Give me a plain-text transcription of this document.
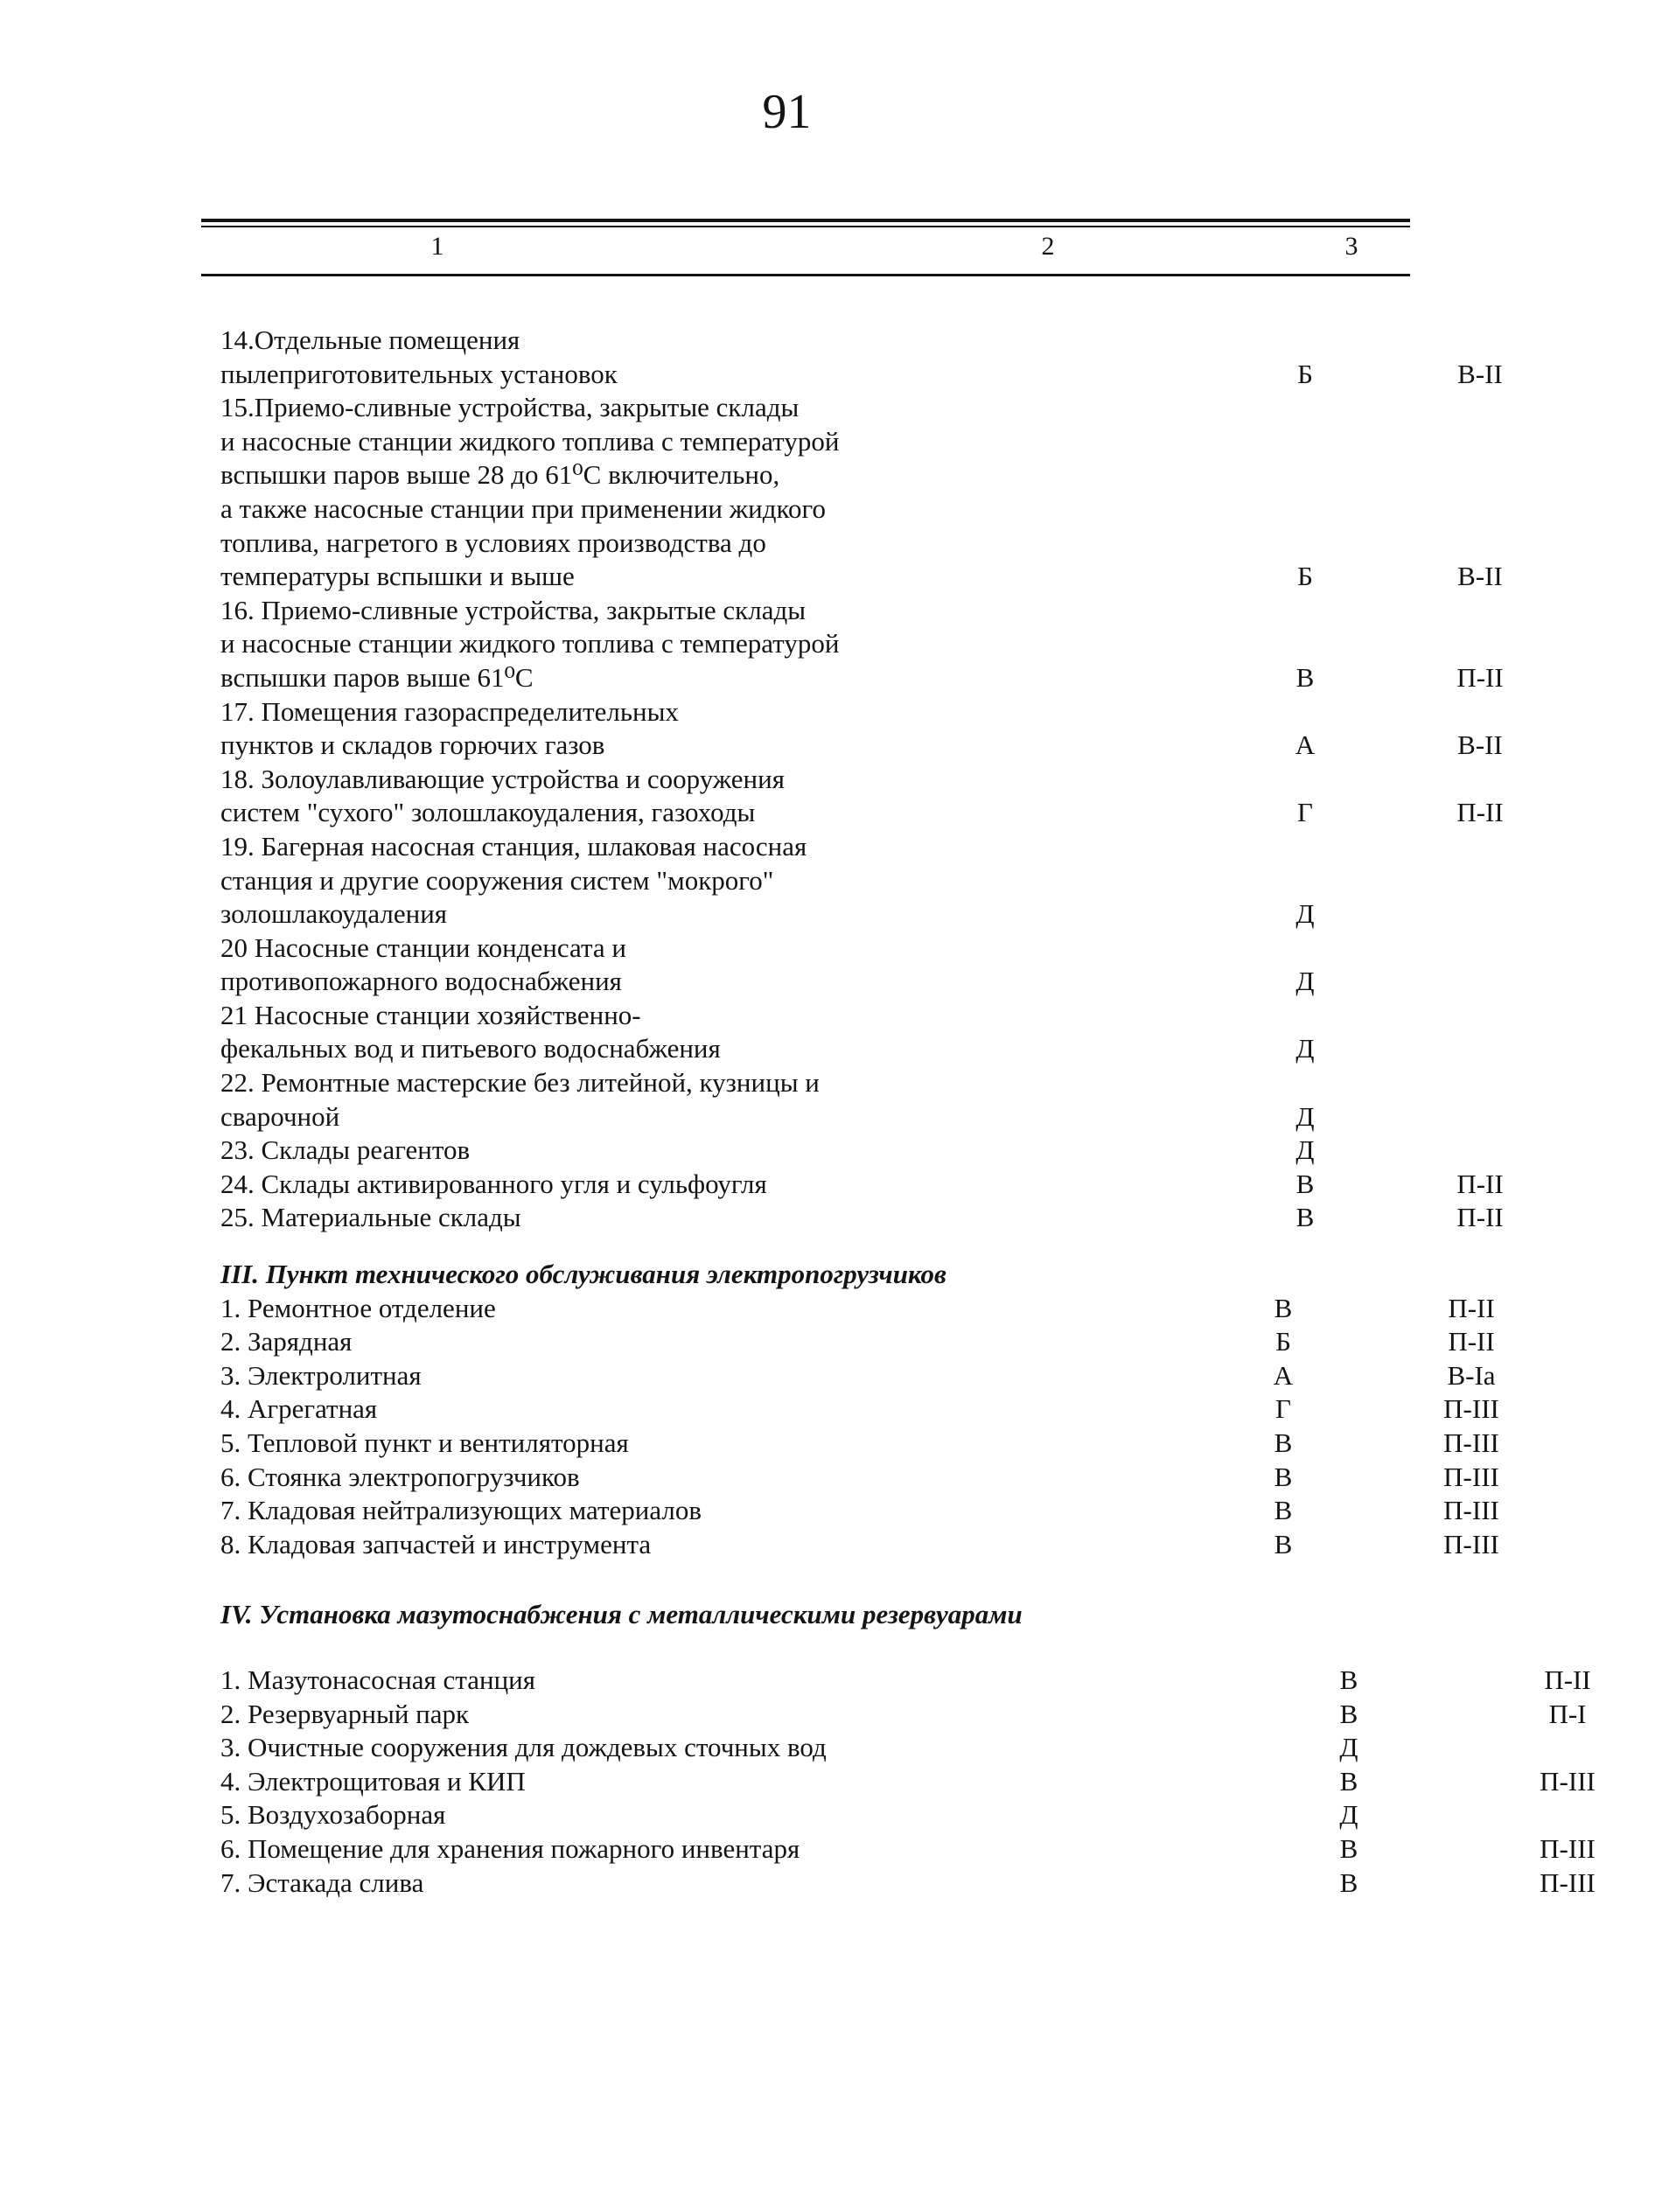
91
1	2	3
14.Отдельные помещения
пылеприготовительных установок	Б	В-II
15.Приемо-сливные устройства, закрытые склады
и насосные станции жидкого топлива с температурой
вспышки паров выше 28 до 61⁰С включительно,
а также насосные станции при применении жидкого
топлива, нагретого в условиях производства до
температуры вспышки и выше	Б	В-II
16. Приемо-сливные устройства, закрытые склады
и насосные станции жидкого топлива с температурой
вспышки паров выше 61⁰С	В	П-II
17. Помещения газораспределительных
пунктов и складов горючих газов	А	В-II
18. Золоулавливающие устройства и сооружения
систем "сухого" золошлакоудаления, газоходы	Г	П-II
19. Багерная насосная станция, шлаковая насосная
станция и другие сооружения систем "мокрого"
золошлакоудаления	Д
20 Насосные станции конденсата и
противопожарного водоснабжения	Д
21 Насосные станции хозяйственно-
фекальных вод и питьевого водоснабжения	Д
22. Ремонтные мастерские без литейной, кузницы и
сварочной	Д
23. Склады реагентов	Д
24. Склады активированного угля и сульфоугля	В	П-II
25. Материальные склады	В	П-II
III. Пункт технического обслуживания электропогрузчиков
1. Ремонтное отделение	В	П-II
2. Зарядная	Б	П-II
3. Электролитная	А	В-Ia
4. Агрегатная	Г	П-III
5. Тепловой пункт и вентиляторная	В	П-III
6. Стоянка электропогрузчиков	В	П-III
7. Кладовая нейтрализующих материалов	В	П-III
8. Кладовая запчастей и инструмента	В	П-III
IV. Установка мазутоснабжения с металлическими резервуарами
1. Мазутонасосная станция	В	П-II
2. Резервуарный парк	В	П-I
3. Очистные сооружения для дождевых сточных вод	Д
4. Электрощитовая и КИП	В	П-III
5. Воздухозаборная	Д
6. Помещение для хранения пожарного инвентаря	В	П-III
7. Эстакада слива	В	П-III
